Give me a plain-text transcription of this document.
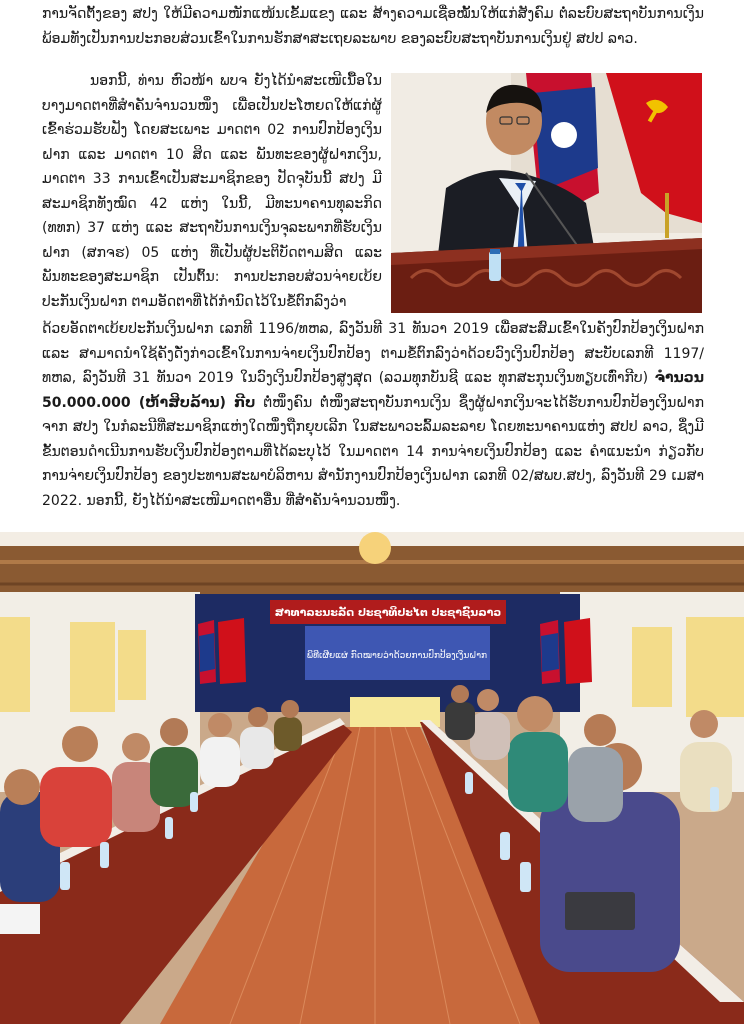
ການຈັດຕັ້ງຂອງ ສປງ ໃຫ້ມີຄວາມໜັກແໜ້ນເຂັ້ມແຂງ ແລະ ສ້າງຄວາມເຊື່ອໝັ້ນໃຫ້ແກ່ສັງຄົມ ຕໍ່ລະບົບສະຖາບັນການເງິນ ພ້ອມທັງເປັນການປະກອບສ່ວນເຂົ້າໃນການຮັກສາສະເຖຍລະພາບ ຂອງລະບົບສະຖາບັນການເງິນຢູ່ ສປປ ລາວ.

ນອກນີ້, ທ່ານ ຫົວໜ້າ ພບຈ ຍັງໄດ້ນຳສະເໜີເນື້ອໃນບາງມາດຕາທີ່ສຳຄັນຈຳນວນໜຶ່ງ ເພື່ອເປັນປະໂຫຍດໃຫ້ແກ່ຜູ້ເຂົ້າຮ່ວມຮັບຟັງ ໂດຍສະເພາະ ມາດຕາ 02 ການປົກປ້ອງເງິນຝາກ ແລະ ມາດຕາ 10 ສິດ ແລະ ພັນທະຂອງຜູ້ຝາກເງິນ, ມາດຕາ 33 ການເຂົ້າເປັນສະມາຊິກຂອງ ປັດຈຸບັນນີ້ ສປງ ມີສະມາຊິກທັງໝົດ 42 ແຫ່ງ ໃນນີ້, ມີທະນາຄານທຸລະກິດ (ທທກ) 37 ແຫ່ງ ແລະ ສະຖາບັນການເງິນຈຸລະພາກທີ່ຮັບເງິນຝາກ (ສກຈຮ) 05 ແຫ່ງ ທີ່ເປັນຜູ້ປະຕິບັດຕາມສິດ ແລະ ພັນທະຂອງສະມາຊິກ ເປັນຕົ້ນ: ການປະກອບສ່ວນຈ່າຍເບ້ຍປະກັນເງິນຝາກ ຕາມອັດຕາທີ່ໄດ້ກຳນົດໄວ້ໃນຂໍ້ຕົກລົງວ່າ

ດ້ວຍອັດຕາເບ້ຍປະກັນເງິນຝາກ ເລກທີ 1196/ທຫລ, ລົງວັນທີ 31 ທັນວາ 2019 ເພື່ອສະສົມເຂົ້າໃນຄັງປົກປ້ອງເງິນຝາກ ແລະ ສາມາດນຳໃຊ້ຄັງດັ່ງກ່າວເຂົ້າໃນການຈ່າຍເງິນປົກປ້ອງ ຕາມຂໍ້ຕົກລົງວ່າດ້ວຍວົງເງິນປົກປ້ອງ ສະບັບເລກທີ 1197/ທຫລ, ລົງວັນທີ 31 ທັນວາ 2019 ໃນວົງເງິນປົກປ້ອງສູງສຸດ (ລວມທຸກບັນຊີ ແລະ ທຸກສະກຸນເງິນທຽບເທົ່າກີບ) ຈຳນວນ 50.000.000 (ຫ້າສິບລ້ານ) ກີບ ຕໍ່ໜຶ່ງຄົນ ຕໍ່ໜຶ່ງສະຖາບັນການເງິນ ຊຶ່ງຜູ້ຝາກເງິນຈະໄດ້ຮັບການປົກປ້ອງເງິນຝາກຈາກ ສປງ ໃນກໍລະນີທີ່ສະມາຊິກແຫ່ງໃດໜຶ່ງຖືກຍຸບເລີກ ໃນສະພາວະລົ້ມລະລາຍ ໂດຍທະນາຄານແຫ່ງ ສປປ ລາວ, ຊຶ່ງມີຂັ້ນຕອນດຳເນີນການຮັບເງິນປົກປ້ອງຕາມທີ່ໄດ້ລະບຸໄວ້ ໃນມາດຕາ 14 ການຈ່າຍເງິນປົກປ້ອງ ແລະ ຄຳແນະນຳ ກ່ຽວກັບການຈ່າຍເງິນປົກປ້ອງ ຂອງປະທານສະພາບໍລິຫານ ສຳນັກງານປົກປ້ອງເງິນຝາກ ເລກທີ 02/ສພບ.ສປງ, ລົງວັນທີ 29 ເມສາ 2022. ນອກນີ້, ຍັງໄດ້ນຳສະເໜີມາດຕາອື່ນ ທີ່ສຳຄັນຈຳນວນໜຶ່ງ.

ສາທາລະນະລັດ ປະຊາທິປະໄຕ ປະຊາຊົນລາວ
ພິທີເຜີຍແຜ່ ກົດໝາຍວ່າດ້ວຍການປົກປ້ອງເງິນຝາກ
